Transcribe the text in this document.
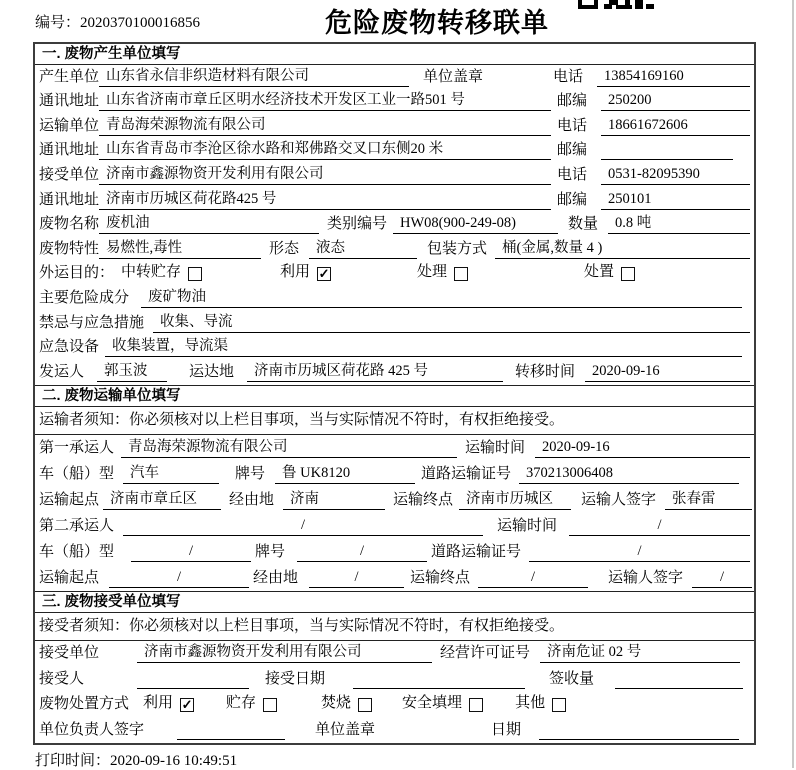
编号：2020370100016856	危险废物转移联单
一. 废物产生单位填写
产生单位 山东省永信非织造材料有限公司	单位盖章	电话	13854169160
通讯地址 山东省济南市章丘区明水经济技术开发区工业一路501 号	邮编	250200
运输单位 青岛海荣源物流有限公司	电话	18661672606
通讯地址 山东省青岛市李沧区徐水路和郑佛路交叉口东侧20 米	邮编
接受单位 济南市鑫源物资开发利用有限公司	电话	0531-82095390
通讯地址 济南市历城区荷花路425 号	邮编	250101
废物名称 废机油	类别编号 HW08(900-249-08)	数量	0.8 吨
废物特性 易燃性,毒性	形态	液态	包装方式	桶(金属,数量 4 )
外运目的： 中转贮存	利用 ✓	处理	处置
主要危险成分	废矿物油
禁忌与应急措施	收集、导流
应急设备 收集装置，导流渠
发运人	郭玉波	运达地	济南市历城区荷花路 425 号	转移时间	2020-09-16
二. 废物运输单位填写
运输者须知：你必须核对以上栏目事项，当与实际情况不符时，有权拒绝接受。
第一承运人 青岛海荣源物流有限公司	运输时间	2020-09-16
车（船）型	汽车	牌号	鲁 UK8120	道路运输证号	370213006408
运输起点 济南市章丘区	经由地	济南	运输终点 济南市历城区	运输人签字	张春雷
第二承运人	/	运输时间	/
车（船）型	/	牌号	/	道路运输证号	/
运输起点	/	经由地	/	运输终点	/	运输人签字	/
三. 废物接受单位填写
接受者须知：你必须核对以上栏目事项，当与实际情况不符时，有权拒绝接受。
接受单位	济南市鑫源物资开发利用有限公司	经营许可证号	济南危证 02 号
接受人	接受日期	签收量
废物处置方式 利用 ✓ 贮存	焚烧	安全填埋	其他
单位负责人签字	单位盖章	日期
打印时间：2020-09-16 10:49:51
